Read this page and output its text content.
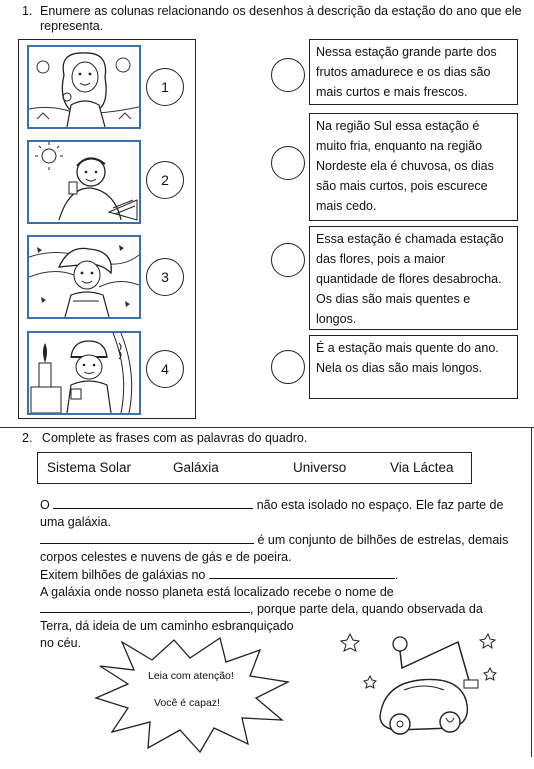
1. Enumere as colunas relacionando os desenhos à descrição da estação do ano que ele
representa.
1
2
3
4
Nessa estação grande parte dos
frutos amadurece e os dias são
mais curtos e mais frescos.
Na região Sul essa estação é
muito fria, enquanto na região
Nordeste ela é chuvosa, os dias
são mais curtos, pois escurece
mais cedo.
Essa estação é chamada estação
das flores, pois a maior
quantidade de flores desabrocha.
Os dias são mais quentes e
longos.
É a estação mais quente do ano.
Nela os dias são mais longos.
2. Complete as frases com as palavras do quadro.
Sistema Solar	Galáxia	Universo	Via Láctea
O	não esta isolado no espaço. Ele faz parte de
uma galáxia.
é um conjunto de bilhões de estrelas, demais
corpos celestes e nuvens de gás e de poeira.
Exitem bilhões de galáxias no	.
A galáxia onde nosso planeta está localizado recebe o nome de
, porque parte dela, quando observada da
Terra, dá ideia de um caminho esbranquiçado
no céu.
Leia com atenção!
Você é capaz!
